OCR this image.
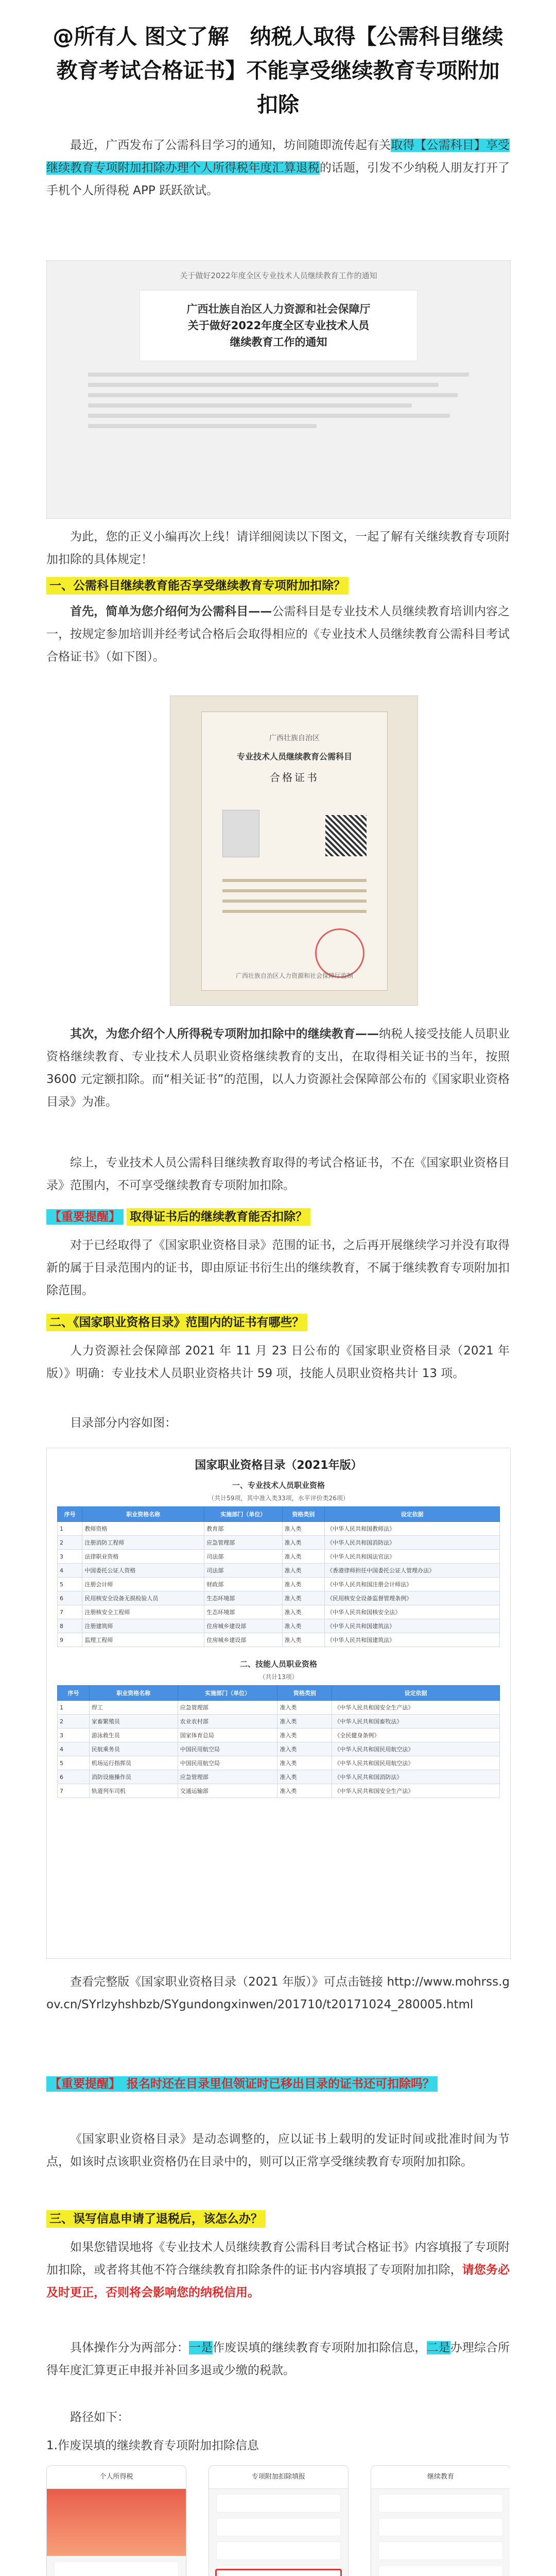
@所有人 图文了解　纳税人取得【公需科目继续教育考试合格证书】不能享受继续教育专项附加扣除

最近，广西发布了公需科目学习的通知，坊间随即流传起有关取得【公需科目】享受继续教育专项附加扣除办理个人所得税年度汇算退税的话题，引发不少纳税人朋友打开了手机个人所得税 APP 跃跃欲试。

关于做好2022年度全区专业技术人员继续教育工作的通知
广西壮族自治区人力资源和社会保障厅
关于做好2022年度全区专业技术人员
继续教育工作的通知

为此，您的正义小编再次上线！请详细阅读以下图文，一起了解有关继续教育专项附加扣除的具体规定！

一、公需科目继续教育能否享受继续教育专项附加扣除？

首先，简单为您介绍何为公需科目——公需科目是专业技术人员继续教育培训内容之一，按规定参加培训并经考试合格后会取得相应的《专业技术人员继续教育公需科目考试合格证书》（如下图）。

广西壮族自治区
专业技术人员继续教育公需科目
合格证书
广西壮族自治区人力资源和社会保障厅监制

其次，为您介绍个人所得税专项附加扣除中的继续教育——纳税人接受技能人员职业资格继续教育、专业技术人员职业资格继续教育的支出，在取得相关证书的当年，按照 3600 元定额扣除。而“相关证书”的范围，以人力资源社会保障部公布的《国家职业资格目录》为准。

综上，专业技术人员公需科目继续教育取得的考试合格证书，不在《国家职业资格目录》范围内，不可享受继续教育专项附加扣除。

【重要提醒】 取得证书后的继续教育能否扣除？

对于已经取得了《国家职业资格目录》范围的证书，之后再开展继续学习并没有取得新的属于目录范围内的证书，即由原证书衍生出的继续教育，不属于继续教育专项附加扣除范围。

二、《国家职业资格目录》范围内的证书有哪些？

人力资源社会保障部 2021 年 11 月 23 日公布的《国家职业资格目录（2021 年版）》明确：专业技术人员职业资格共计 59 项，技能人员职业资格共计 13 项。

目录部分内容如图：

国家职业资格目录（2021年版）
一、专业技术人员职业资格
（共计59项，其中准入类33项，水平评价类26项）
序号	职业资格名称	实施部门（单位）	资格类别	设定依据
1	教师资格	教育部	准入类	《中华人民共和国教师法》
2	注册消防工程师	应急管理部	准入类	《中华人民共和国消防法》
3	法律职业资格	司法部	准入类	《中华人民共和国法官法》
4	中国委托公证人资格	司法部	准入类	《香港律师担任中国委托公证人管理办法》
5	注册会计师	财政部	准入类	《中华人民共和国注册会计师法》
6	民用核安全设备无损检验人员	生态环境部	准入类	《民用核安全设备监督管理条例》
7	注册核安全工程师	生态环境部	准入类	《中华人民共和国核安全法》
8	注册建筑师	住房城乡建设部	准入类	《中华人民共和国建筑法》
9	监理工程师	住房城乡建设部	准入类	《中华人民共和国建筑法》
二、技能人员职业资格
（共计13项）
序号	职业资格名称	实施部门（单位）	资格类别	设定依据
1	焊工	应急管理部	准入类	《中华人民共和国安全生产法》
2	家畜繁殖员	农业农村部	准入类	《中华人民共和国畜牧法》
3	游泳救生员	国家体育总局	准入类	《全民健身条例》
4	民航乘务员	中国民用航空局	准入类	《中华人民共和国民用航空法》
5	机场运行指挥员	中国民用航空局	准入类	《中华人民共和国民用航空法》
6	消防设施操作员	应急管理部	准入类	《中华人民共和国消防法》
7	轨道列车司机	交通运输部	准入类	《中华人民共和国安全生产法》

查看完整版《国家职业资格目录（2021 年版）》可点击链接 http://www.mohrss.gov.cn/SYrlzyhshbzb/SYgundongxinwen/201710/t20171024_280005.html

【重要提醒】 报名时还在目录里但领证时已移出目录的证书还可扣除吗？

《国家职业资格目录》是动态调整的，应以证书上载明的发证时间或批准时间为节点，如该时点该职业资格仍在目录中的，则可以正常享受继续教育专项附加扣除。

三、误写信息申请了退税后，该怎么办？

如果您错误地将《专业技术人员继续教育公需科目考试合格证书》内容填报了专项附加扣除，或者将其他不符合继续教育扣除条件的证书内容填报了专项附加扣除，请您务必及时更正，否则将会影响您的纳税信用。

具体操作分为两部分：一是作废误填的继续教育专项附加扣除信息，二是办理综合所得年度汇算更正申报并补回多退或少缴的税款。

路径如下：

1.作废误填的继续教育专项附加扣除信息

个人所得税	专项附加扣除填报	继续教育
